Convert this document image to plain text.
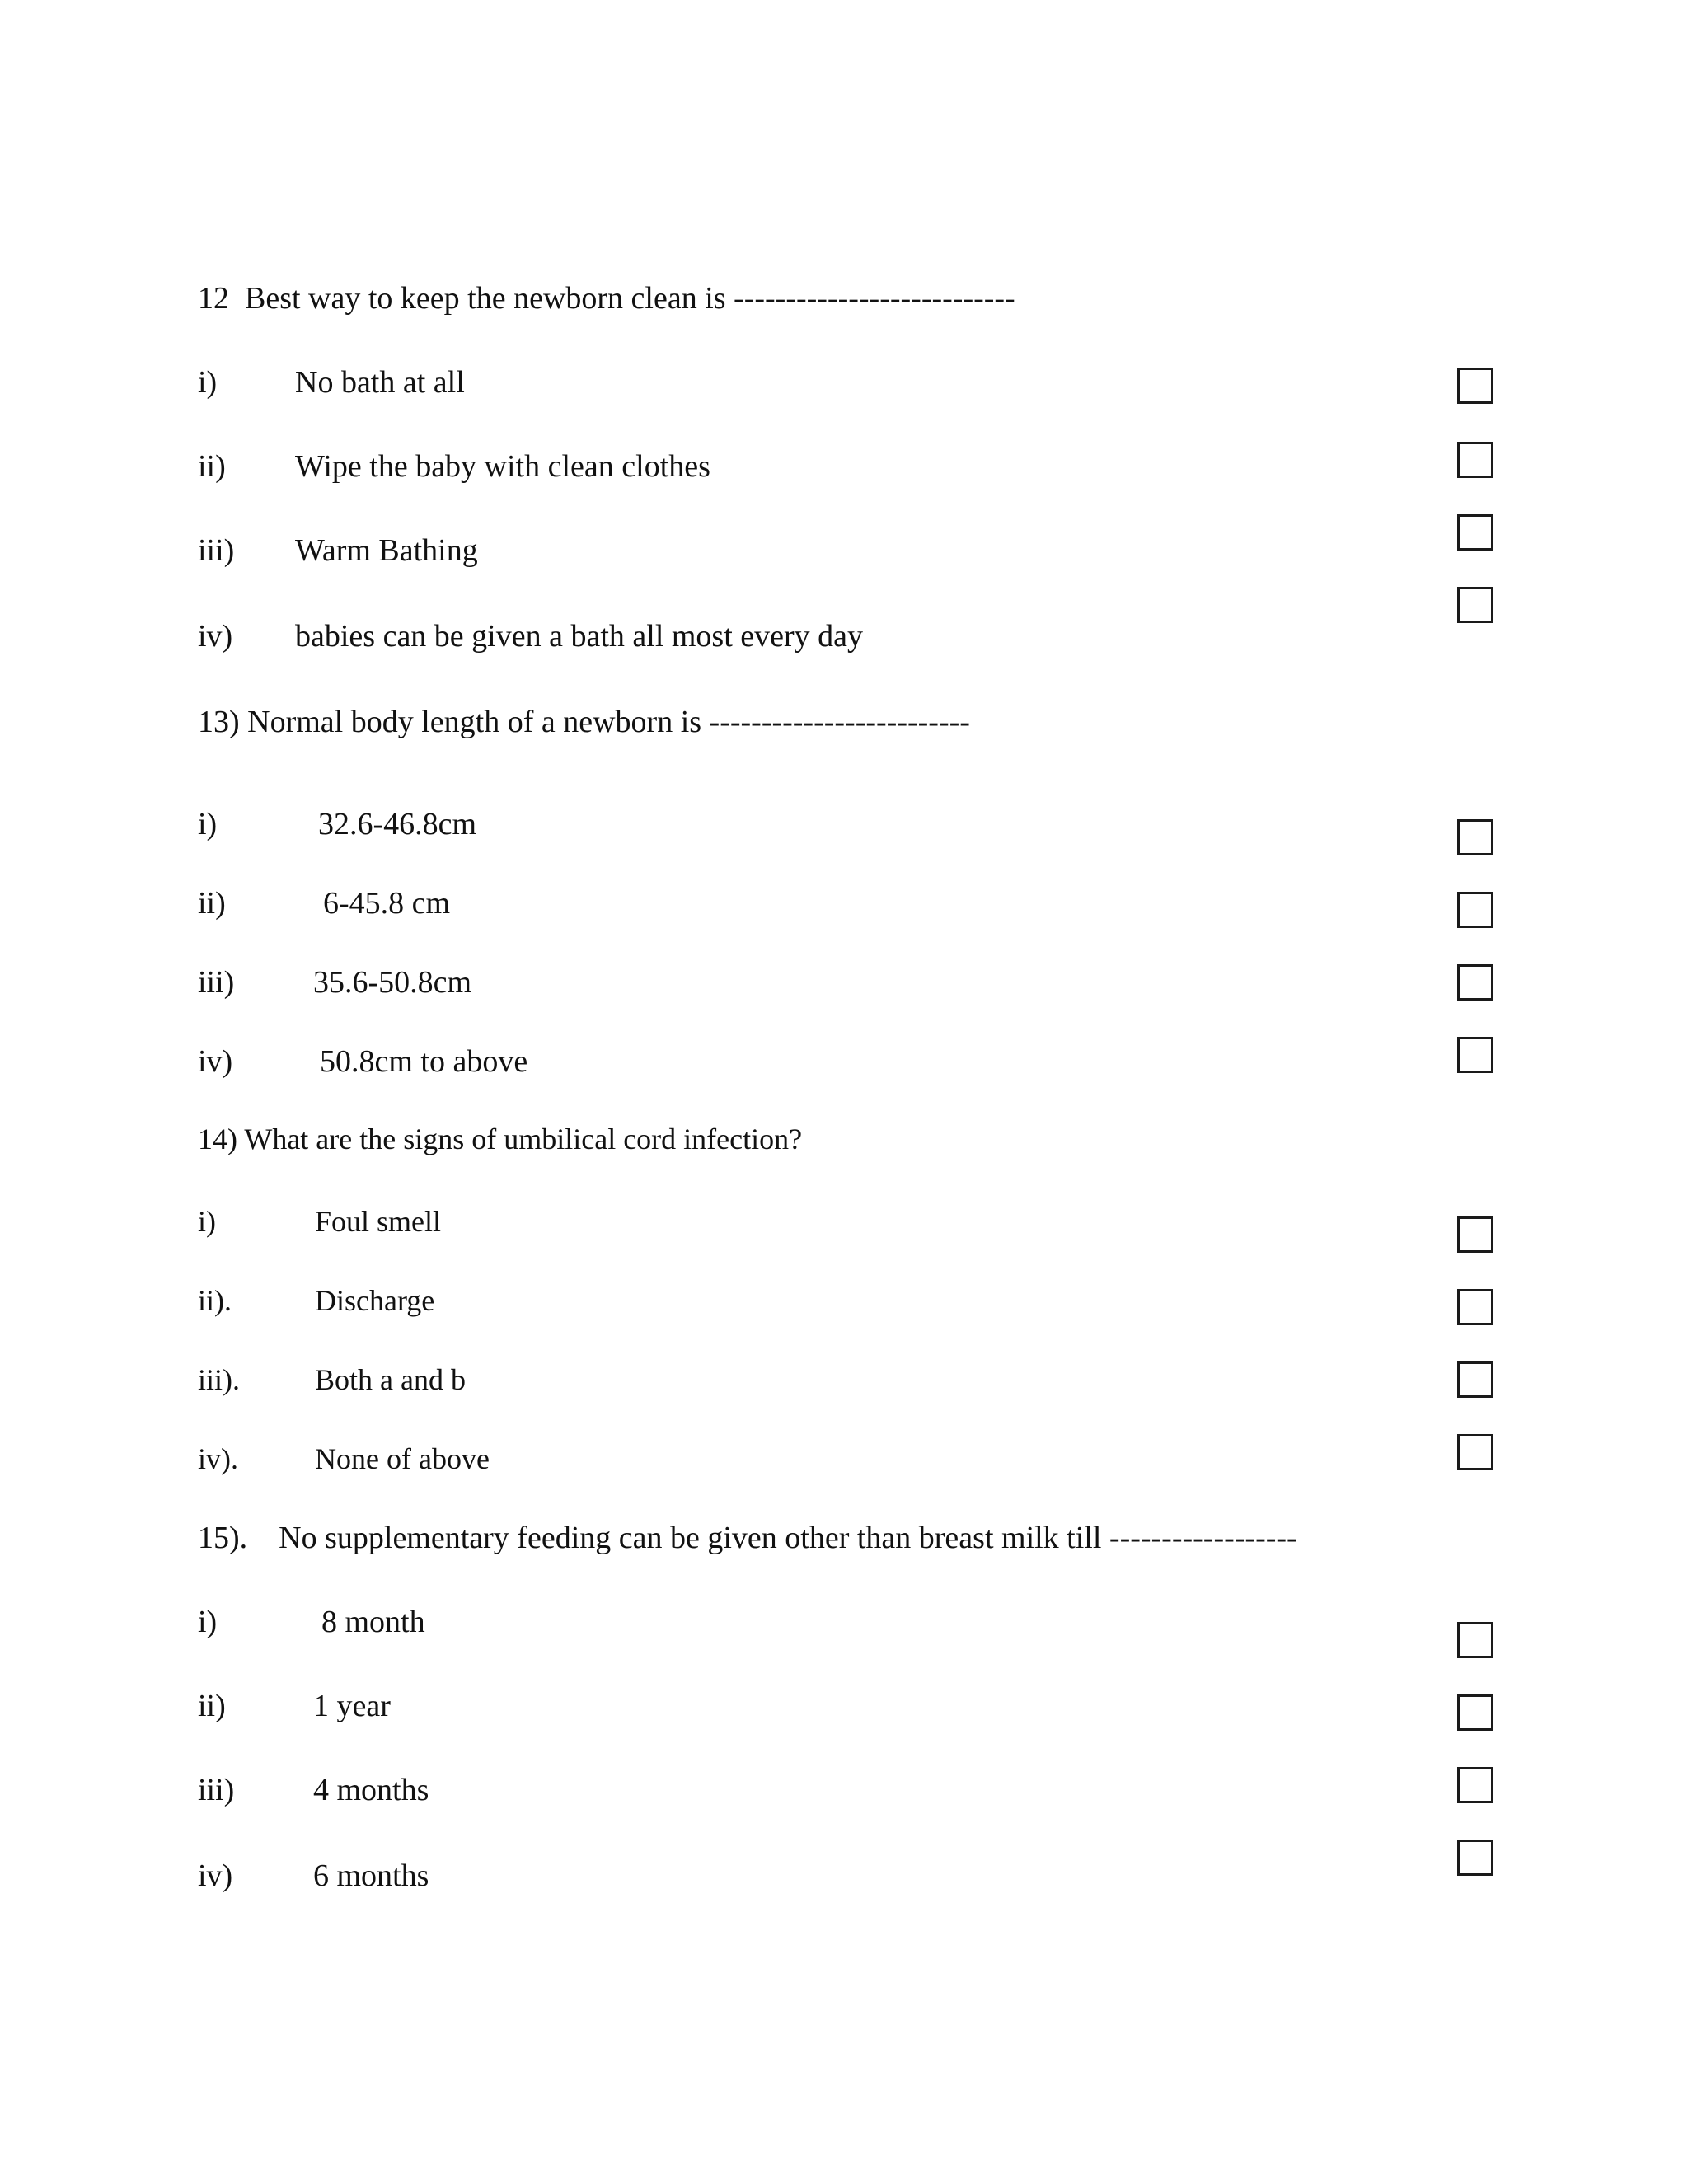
12  Best way to keep the newborn clean is ---------------------------
i) No bath at all
ii) Wipe the baby with clean clothes
iii) Warm Bathing
iv) babies can be given a bath all most every day
13) Normal body length of a newborn is -------------------------
i)	32.6-46.8cm
ii)	6-45.8 cm
iii)	35.6-50.8cm
iv)	50.8cm to above
14) What are the signs of umbilical cord infection?
i)	Foul smell
ii).	Discharge
iii).	Both a and b
iv).	None of above
15).    No supplementary feeding can be given other than breast milk till ------------------
i)	8 month
ii)	1 year
iii)	4 months
iv)	6 months
